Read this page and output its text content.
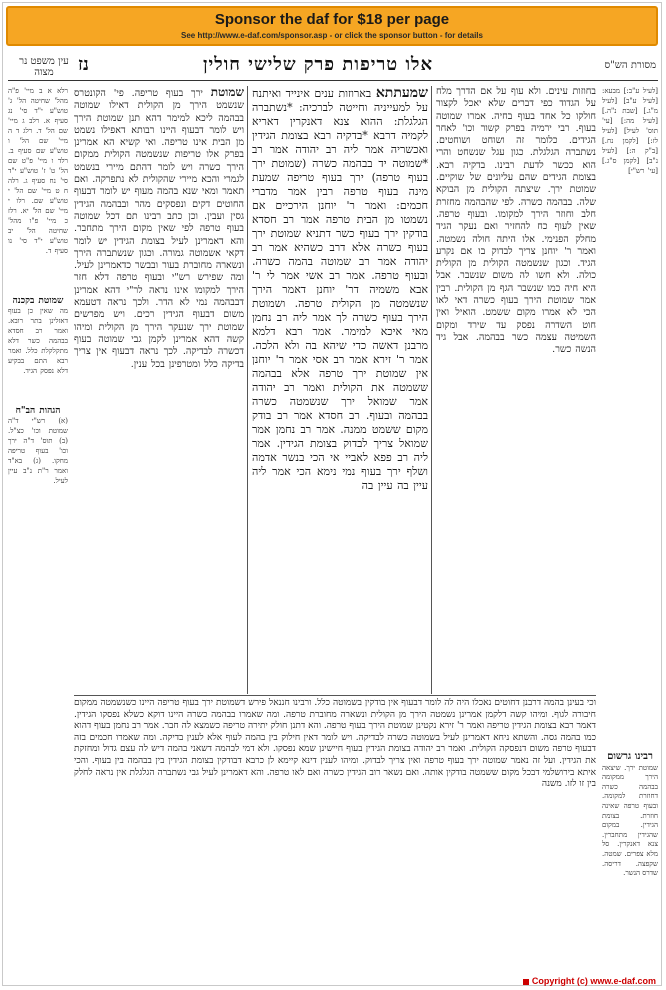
Sponsor the daf for $18 per page
See http://www.e-daf.com/sponsor.asp - or click the sponsor button - for details
מסורת הש"ס
אלו טריפות פרק שלישי חולין
נז
עין משפט נר מצוה
[לעיל ע"ב:] מבעא: [לעיל ע"ב] [לעיל מ"ג.] [שבת נ"ה.] [לעיל מה:] [עי' תוס' לעיל] [לעיל לז:] [לקמן נח.] [ב"ק ה:] [לעיל נ"ב] [לקמן ס"ג.] [עי' רש"י]
בחוזות עינים. ולא עוף על אם הדרך מלח על הגדוד כפי דברים שלא יאכל לקצור חולקו כל אחד בעוף בחיה. אמרו שמוטה בעוף. רבי ירמיה בפרק קשור וכו' לאחר הגידים. כלומר זה ושוחט ושוחטים. נשתברה הגלגלת. כגון עגל שנשחט והרי הוא ככשר לדעת רבינו. בדקיה רבא. בצומת הגידים שהם עליונים של שוקיים. שמוטת ירך. שיצתה הקולית מן הבוקא שלה. בבהמה כשרה. לפי שהבהמה מחזרת חלב וחוזר הירך למקומו. ובעוף טרפה. שאין לעוף כח להחזיר ואם נעקר הגיד מחלק הפנימי. אלו היתה חולה נשמטה. ואמר ר' יוחנן צריך לבדוק בו אם נקרע הגיד. וכגון שנשמטה הקולית מן הקולית כולה. ולא חשו לה משום שנשבר. אבל היא חיה כמו שנשבר הגף מן הקולית. רבין אמר שמוטת הירך בעוף כשרה דאי לאו הכי לא אמרו מקום ששמט. הואיל ואין חוט השדרה נפסק עד שירד ומקום השמיטה עצמה כשר בבהמה. אבל גיד הנשה כשר.
שמעתתא בארוזות ענים אינייד ואיתנח על למעייניה וחייטה לברכיה: *נשתברה הגלגלת: ההוא צנא דאנקרין דאריא לקמיה דרבא *בדקיה רבא בצומת הגידין ואכשריה אמר ליה רב יהודה אמר רב *שמוטה יד בבהמה כשרה (שמוטת ירך בעוף טרפה) ירך בעוף טריפה שמעת מינה בעוף טרפה רבין אמר מדברי חכמים: ואמר ר' יוחנן הירכיים אם נשמטו מן הבית טרפה אמר רב חסדא בודקין ירך בעוף כשר דתניא שמוטת ירך בעוף כשרה אלא דרב כשהיא אמר רב יהודה אמר רב שמוטה בהמה כשרה. ובעוף טרפה. אמר רב אשי אמר לי ר' אבא משמיה דר' יוחנן דאמר הירך שנשמטה מן הקולית טרפה. ושמוטת הירך בעוף כשרה לך אמר ליה רב נחמן מאי איכא למימר. אמר רבא דלמא מרבנן דאשה כדי שיהא בה ולא הלכה. אמר ר' זירא אמר רב אסי אמר ר' יוחנן אין שמוטת ירך טרפה אלא בבהמה ששמטה את הקולית ואמר רב יהודה אמר שמואל ירך שנשמטה כשרה בבהמה ובעוף. רב חסדא אמר רב בודק מקום ששמט ממנה. אמר רב נחמן אמר שמואל צריך לבדוק בצומת הגידין. אמר ליה רב פפא לאביי אי הכי בנשר אדמה ושלף ירך בעוף נמי נימא הכי אמר ליה עיין בה עיין בה
שמוטת ירך בעוף טריפה. פי' הקונטרס שנשמט הירך מן הקולית דאילו שמוטה בבהמה ליכא למימר דהא תנן שמוטת הירך ויש לומר דבעוף היינו רבותא דאפילו נשמט מן הבית אינו טריפה. ואי קשיא הא אמרינן בפרק אלו טריפות שנשמטה הקולית ממקום הירך כשרה ויש לומר דהתם מיירי בנשמט לגמרי והכא מיירי שהקולית לא נתפרקה. ואם תאמר ומאי שנא בהמה מעוף יש לומר דבעוף החוטים דקים ונפסקים מהר ובבהמה הגידין גסין ועבין. וכן כתב רבינו תם דכל שמוטה בעוף טרפה לפי שאין מקום הירך מתחבר. והא דאמרינן לעיל בצומת הגידין יש לומר דקאי אשמוטה גמורה. וכגון שנשתברה הירך ונשארה מחוברת בעור ובבשר כדאמרינן לעיל. ומה שפירש רש"י ובעוף טרפה דלא חזר הירך למקומו אינו נראה לר"י דהא אמרינן דבבהמה נמי לא הדר. ולכך נראה דטעמא משום דבעוף הגידין רכים. ויש מפרשים שמוטת ירך שנעקר הירך מן הקולית ומיהו קשה דהא אמרינן לקמן גבי שמוטה בעוף דכשרה לבדיקה. לכך נראה דבעוף אין צריך בדיקה כלל ומטרפינן בכל ענין.
רלא א ב מיי' פ"ה מהל' שחיטה הל' ג' טוש"ע י"ד סי' נג סעיף א. רלב ג מיי' שם הל' ד. רלג ד ה מיי' שם הל' ו טוש"ע שם סעיף ב. רלד ו מיי' פ"ט שם הל' ט' ז' טוש"ע י"ד סי' נח סעיף ג. רלה ח ט מיי' שם הל' י טוש"ע שם. רלו י מיי' שם הל' יא. רלז כ מיי' פ"ו מהל' שחיטה הל' יב טוש"ע י"ד סי' נו סעיף ד.
שמוטת בקכנה
מה שאין כן בעוף דאזלינן בתר רובא. ואמר רב חסדא בבהמה כשר דלא מתקלקלת כלל. ואמר רבא התם בבקיע דלא נפסק הגיד.
הגהות הב"ח
(א) רש"י ד"ה שמוטת וכו' כצ"ל. (ב) תוס' ד"ה ירך וכו' בעוף טריפה מחקו. (ג) בא"ד ואמר ר"ת נ"ב עיין לעיל.
וכי בעינן בהמה דרבנן דחוטים נאכלו היה לה לומר דבעוף אין בודקין בשמוטה כלל. ורבינו חננאל פירש דשמוטת ירך בעוף טריפה היינו כשנשמטה ממקום חיבורה לגוף. ומיהו קשה דלקמן אמרינן נשמטה הירך מן הקולית ונשארה מחוברת טרפה. ומה שאמרו בבהמה כשרה היינו דוקא כשלא נפסקו הגידין. דאמר רבא בצומת הגידין טריפה ואמר ר' זירא נקטינן שמוטת הירך בעוף טרפה. והא דתנן חולק יתירה טריפה כשמצא לה חבר. אמר רב נחמן בעוף דהוא כמו בהמה גסה. והשתא ניחא דאמרינן לעיל בשמוטה כשרה לבדיקה. ויש לומר דאין חילוק בין בהמה לעוף אלא לענין בדיקה. ומה שאמרו חכמים בזה דבעוף טרפה משום דנפסקה הקולית. ואמר רב יהודה בצומת הגידין בעוף חיישינן שמא נפסקו. ולא דמי לבהמה דשאני בהמה דיש לה עצם גדול ומחזקת את הגידין. ועל זה נאמר שמוטה ירך בעוף טרפה ואין צריך לבדוק. ומיהו לענין דינא קיימא לן כרבא דבודקין בצומת הגידין בין בבהמה בין בעוף. והכי איתא בירושלמי דבכל מקום ששמטה בודקין אותה. ואם נשאר רוב הגידין כשרה ואם לאו טרפה. והא דאמרינן לעיל גבי נשתברה הגלגלת אין נראה לחלק בין זו לזו. משנה
רבינו גרשום
שמוטת ירך. שיצאה הירך ממקומה בבהמה כשרה דחוזרת למקומה. ובעוף טרפה שאינה חוזרת. בצומת הגידין. במקום שהגידין מתחברין. צנא דאנקרין. סל מלא צפרים. שמטה. שקפצה. דריסה. שדרס הנשר.
Copyright (c) www.e-daf.com
